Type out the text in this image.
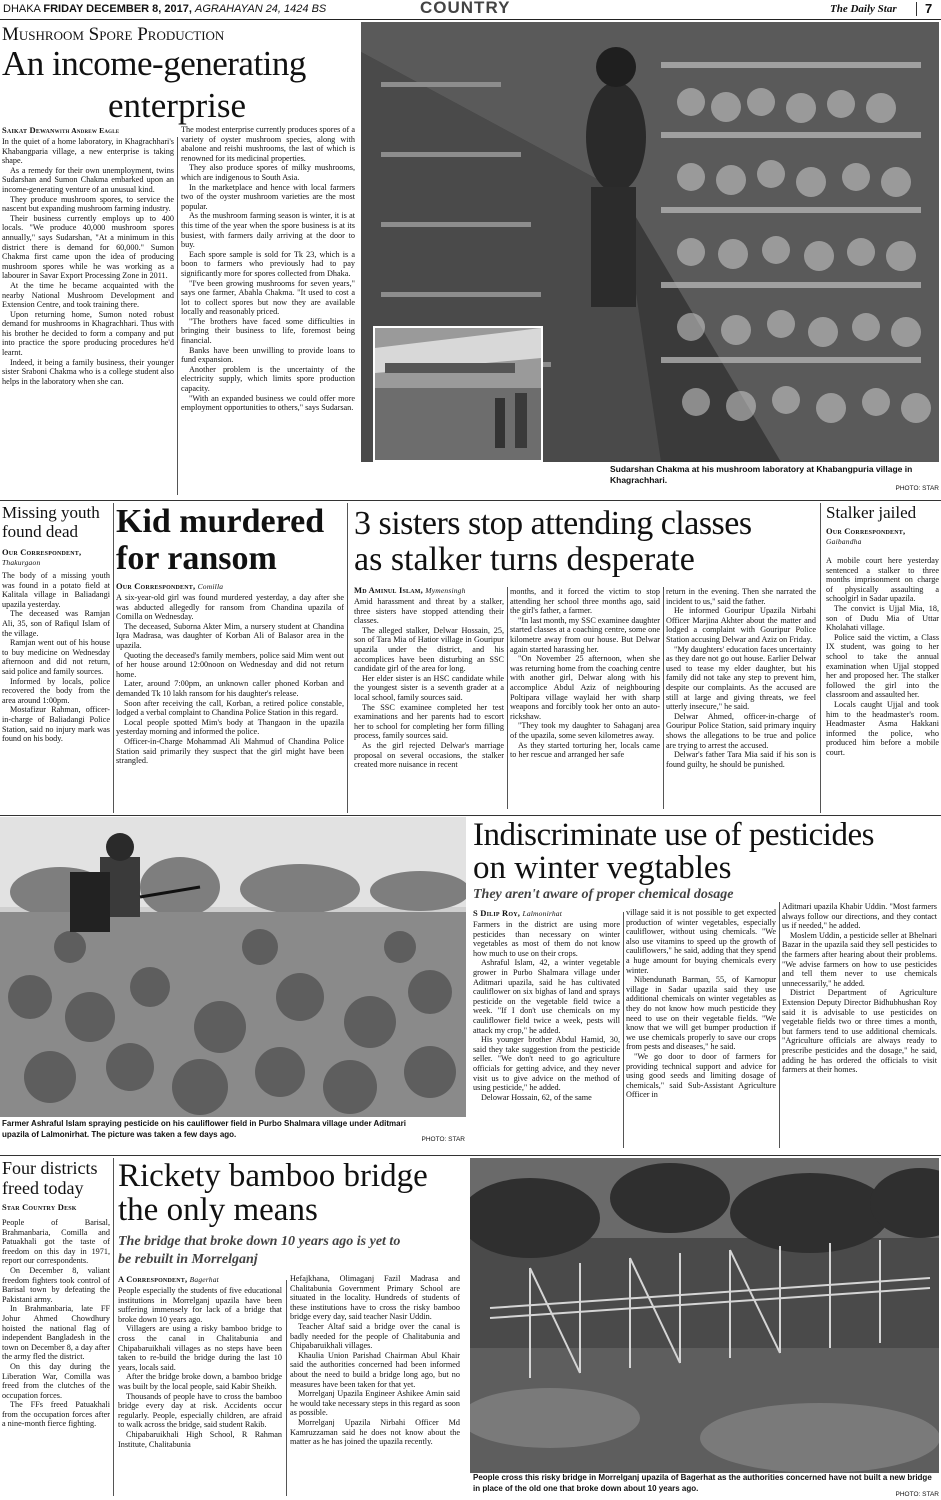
DHAKA FRIDAY DECEMBER 8, 2017, AGRAHAYAN 24, 1424 BS	COUNTRY	The Daily Star 7
Mushroom Spore Production
An income-generating
enterprise
Saikat Dewanwith Andrew Eagle

In the quiet of a home laboratory, in Khagrachhari's Khabangparia village, a new enterprise is taking shape.

As a remedy for their own unemployment, twins Sudarshan and Sumon Chakma embarked upon an income-generating venture of an unusual kind.

They produce mushroom spores, to service the nascent but expanding mushroom farming industry.

Their business currently employs up to 400 locals. "We produce 40,000 mushroom spores annually," says Sudarshan, "At a minimum in this district there is demand for 60,000." Sumon Chakma first came upon the idea of producing mushroom spores while he was working as a labourer in Savar Export Processing Zone in 2011.

At the time he became acquainted with the nearby National Mushroom Development and Extension Centre, and took training there.

Upon returning home, Sumon noted robust demand for mushrooms in Khagrachhari. Thus with his brother he decided to form a company and put into practice the spore producing procedures he'd learnt.

Indeed, it being a family business, their younger sister Sraboni Chakma who is a college student also helps in the laboratory when she can.

The modest enterprise currently produces spores of a variety of oyster mushroom species, along with abalone and reishi mushrooms, the last of which is renowned for its medicinal properties.

They also produce spores of milky mushrooms, which are indigenous to South Asia.

In the marketplace and hence with local farmers two of the oyster mushroom varieties are the most popular.

As the mushroom farming season is winter, it is at this time of the year when the spore business is at its busiest, with farmers daily arriving at the door to buy.

Each spore sample is sold for Tk 23, which is a boon to farmers who previously had to pay significantly more for spores collected from Dhaka.

"I've been growing mushrooms for seven years," says one farmer, Abahla Chakma. "It used to cost a lot to collect spores but now they are available locally and reasonably priced.

"The brothers have faced some difficulties in bringing their business to life, foremost being financial.

Banks have been unwilling to provide loans to fund expansion.

Another problem is the uncertainty of the electricity supply, which limits spore production capacity.

"With an expanded business we could offer more employment opportunities to others," says Sudarsan.

Sudarshan Chakma at his mushroom laboratory at Khabangpuria village in Khagrachhari.
PHOTO: STAR
Missing youth found dead
Our Correspondent,
Thakurgaon

The body of a missing youth was found in a potato field at Kalitala village in Baliadangi upazila yesterday.

The deceased was Ramjan Ali, 35, son of Rafiqul Islam of the village.

Ramjan went out of his house to buy medicine on Wednesday afternoon and did not return, said police and family sources.

Informed by locals, police recovered the body from the area around 1:00pm.

Mostafizur Rahman, officer-in-charge of Baliadangi Police Station, said no injury mark was found on his body.

Kid murdered for ransom
Our Correspondent, Comilla

A six-year-old girl was found murdered yesterday, a day after she was abducted allegedly for ransom from Chandina upazila of Comilla on Wednesday.

The deceased, Suborna Akter Mim, a nursery student at Chandina Iqra Madrasa, was daughter of Korban Ali of Balasor area in the upazila.

Quoting the deceased's family members, police said Mim went out of her house around 12:00noon on Wednesday and did not return home.

Later, around 7:00pm, an unknown caller phoned Korban and demanded Tk 10 lakh ransom for his daughter's release.

Soon after receiving the call, Korban, a retired police constable, lodged a verbal complaint to Chandina Police Station in this regard.

Local people spotted Mim's body at Thangaon in the upazila yesterday morning and informed the police.

Officer-in-Charge Mohammad Ali Mahmud of Chandina Police Station said primarily they suspect that the girl might have been strangled.

3 sisters stop attending classes
as stalker turns desperate
Md Aminul Islam, Mymensingh

Amid harassment and threat by a stalker, three sisters have stopped attending their classes.

The alleged stalker, Delwar Hossain, 25, son of Tara Mia of Hatior village in Gouripur upazila under the district, and his accomplices have been disturbing an SSC candidate girl of the area for long.

Her elder sister is an HSC candidate while the youngest sister is a seventh grader at a local school, family sources said.

The SSC examinee completed her test examinations and her parents had to escort her to school for completing her form filling process, family sources said.

As the girl rejected Delwar's marriage proposal on several occasions, the stalker created more nuisance in recent

months, and it forced the victim to stop attending her school three months ago, said the girl's father, a farmer.

"In last month, my SSC examinee daughter started classes at a coaching centre, some one kilometre away from our house. But Delwar again started harassing her.

"On November 25 afternoon, when she was returning home from the coaching centre with another girl, Delwar along with his accomplice Abdul Aziz of neighbouring Poltipara village waylaid her with sharp weapons and forcibly took her onto an auto-rickshaw.

"They took my daughter to Sahaganj area of the upazila, some seven kilometres away.

As they started torturing her, locals came to her rescue and arranged her safe

return in the evening. Then she narrated the incident to us," said the father.

He informed Gouripur Upazila Nirbahi Officer Marjina Akhter about the matter and lodged a complaint with Gouripur Police Station accusing Delwar and Aziz on Friday.

"My daughters' education faces uncertainty as they dare not go out house. Earlier Delwar used to tease my elder daughter, but his family did not take any step to prevent him, despite our complaints. As the accused are still at large and giving threats, we feel utterly insecure," he said.

Delwar Ahmed, officer-in-charge of Gouripur Police Station, said primary inquiry shows the allegations to be true and police are trying to arrest the accused.

Delwar's father Tara Mia said if his son is found guilty, he should be punished.

Stalker jailed
Our Correspondent,
Gaibandha

A mobile court here yesterday sentenced a stalker to three months imprisonment on charge of physically assaulting a schoolgirl in Sadar upazila.

The convict is Ujjal Mia, 18, son of Dudu Mia of Uttar Kholahati village.

Police said the victim, a Class IX student, was going to her school to take the annual examination when Ujjal stopped her and proposed her. The stalker followed the girl into the classroom and assaulted her.

Locals caught Ujjal and took him to the headmaster's room. Headmaster Asma Hakkani informed the police, who produced him before a mobile court.

Farmer Ashraful Islam spraying pesticide on his cauliflower field in Purbo Shalmara village under Aditmari upazila of Lalmonirhat. The picture was taken a few days ago.
PHOTO: STAR
Indiscriminate use of pesticides
on winter vegtables
They aren't aware of proper chemical dosage
S Dilip Roy, Lalmonirhat

Farmers in the district are using more pesticides than necessary on winter vegetables as most of them do not know how much to use on their crops.

Ashraful Islam, 42, a winter vegetable grower in Purbo Shalmara village under Aditmari upazila, said he has cultivated cauliflower on six bighas of land and sprays pesticide on the vegetable field twice a week. "If I don't use chemicals on my cauliflower field twice a week, pests will attack my crop," he added.

His younger brother Abdul Hamid, 30, said they take suggestion from the pesticide seller. "We don't need to go agriculture officials for getting advice, and they never visit us to give advice on the method of using pesticide," he added.

Delowar Hossain, 62, of the same

village said it is not possible to get expected production of winter vegetables, especially cauliflower, without using chemicals. "We also use vitamins to speed up the growth of cauliflowers," he said, adding that they spend a huge amount for buying chemicals every winter.

Nibendunath Barman, 55, of Karnopur village in Sadar upazila said they use additional chemicals on winter vegetables as they do not know how much pesticide they need to use on their vegetable fields. "We know that we will get bumper production if we use chemicals properly to save our crops from pests and diseases," he said.

"We go door to door of farmers for providing technical support and advice for using good seeds and limiting dosage of chemicals," said Sub-Assistant Agriculture Officer in

Aditmari upazila Khabir Uddin. "Most farmers always follow our directions, and they contact us if needed," he added.

Moslem Uddin, a pesticide seller at Bhelnari Bazar in the upazila said they sell pesticides to the farmers after hearing about their problems. "We advise farmers on how to use pesticides and tell them never to use chemicals unnecessarily," he added.

District Department of Agriculture Extension Deputy Director Bidhubhushan Roy said it is advisable to use pesticides on vegetable fields two or three times a month, but farmers tend to use additional chemicals. "Agriculture officials are always ready to prescribe pesticides and the dosage," he said, adding he has ordered the officials to visit farmers at their homes.

Four districts freed today
Star Country Desk

People of Barisal, Brahmanbaria, Comilla and Patuakhali got the taste of freedom on this day in 1971, report our correspondents.

On December 8, valiant freedom fighters took control of Barisal town by defeating the Pakistani army.

In Brahmanbaria, late FF Johur Ahmed Chowdhury hoisted the national flag of independent Bangladesh in the town on December 8, a day after the army fled the district.

On this day during the Liberation War, Comilla was freed from the clutches of the occupation forces.

The FFs freed Patuakhali from the occupation forces after a nine-month fierce fighting.

Rickety bamboo bridge
the only means
The bridge that broke down 10 years ago is yet to
be rebuilt in Morrelganj
A Correspondent, Bagerhat

People especially the students of five educational institutions in Morrelganj upazila have been suffering immensely for lack of a bridge that broke down 10 years ago.

Villagers are using a risky bamboo bridge to cross the canal in Chalitabunia and Chipabaruikhali villages as no steps have been taken to re-build the bridge during the last 10 years, locals said.

After the bridge broke down, a bamboo bridge was built by the local people, said Kabir Sheikh.

Thousands of people have to cross the bamboo bridge every day at risk. Accidents occur regularly. People, especially children, are afraid to walk across the bridge, said student Rakib.

Chipabaruikhali High School, R Rahman Institute, Chalitabunia

Hefajkhana, Olimaganj Fazil Madrasa and Chalitabunia Government Primary School are situated in the locality. Hundreds of students of these institutions have to cross the risky bamboo bridge every day, said teacher Nasir Uddin.

Teacher Altaf said a bridge over the canal is badly needed for the people of Chalitabunia and Chipabaruikhali villages.

Khaulia Union Parishad Chairman Abul Khair said the authorities concerned had been informed about the need to build a bridge long ago, but no measures have been taken for that yet.

Morrelganj Upazila Engineer Ashikee Amin said he would take necessary steps in this regard as soon as possible.

Morrelganj Upazila Nirbahi Officer Md Kamruzzaman said he does not know about the matter as he has joined the upazila recently.

People cross this risky bridge in Morrelganj upazila of Bagerhat as the authorities concerned have not built a new bridge in place of the old one that broke down about 10 years ago.
PHOTO: STAR
